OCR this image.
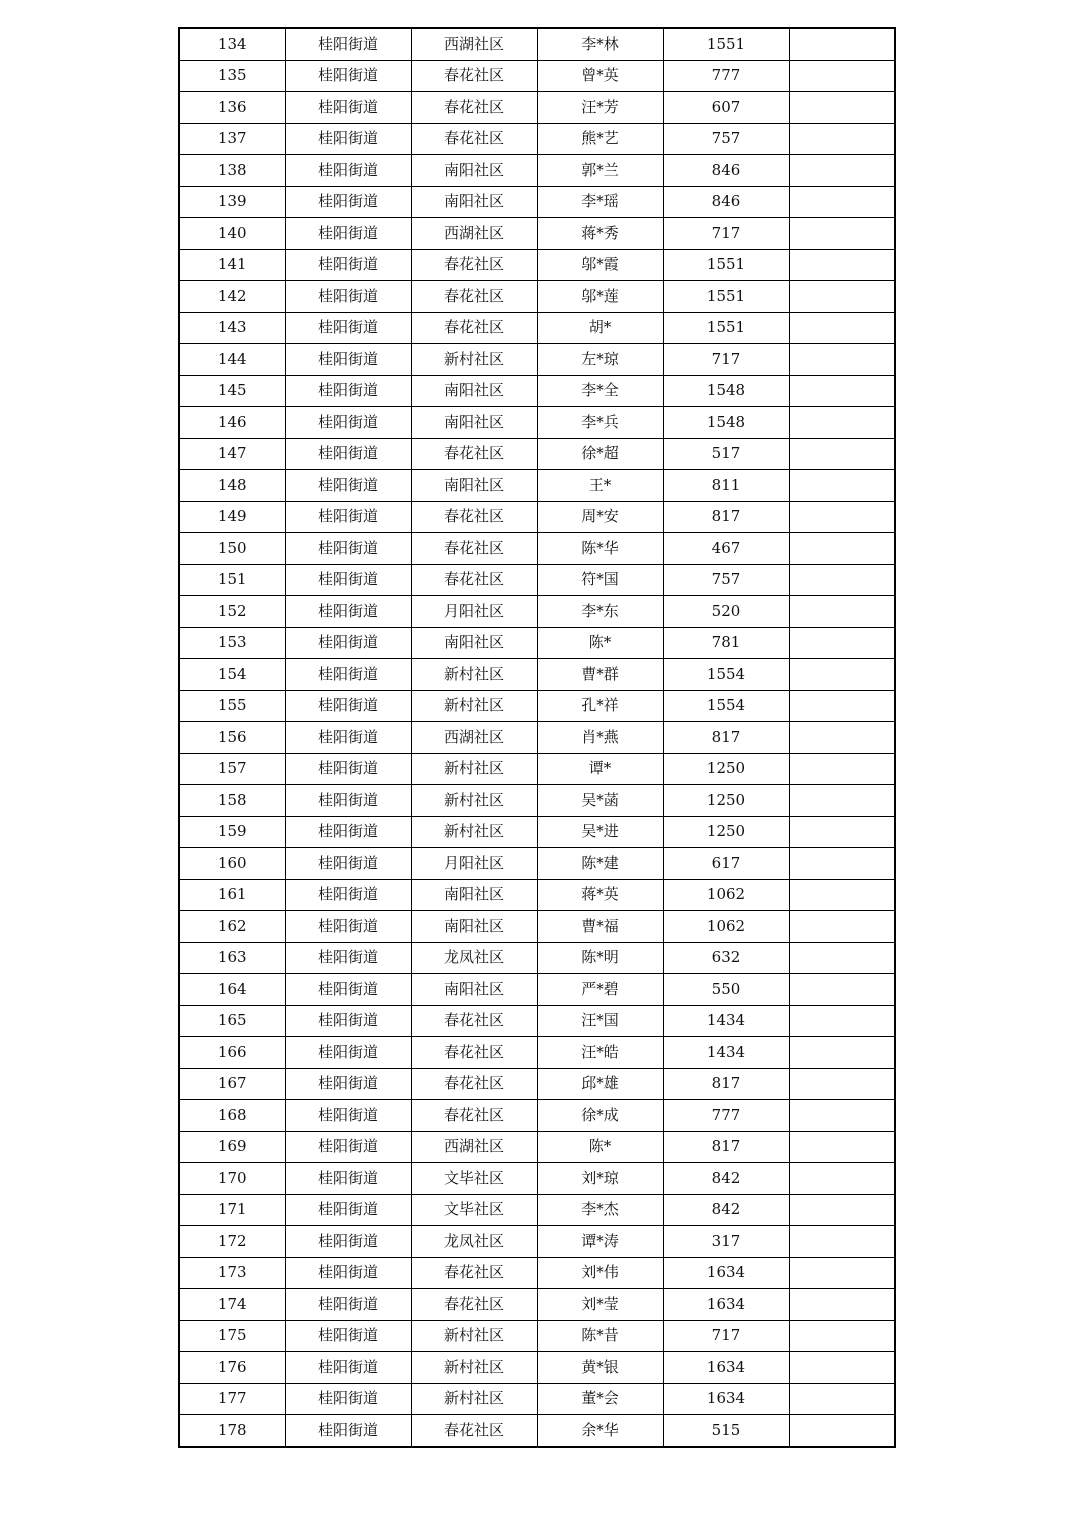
134	桂阳街道	西湖社区	李*林	1551	
135	桂阳街道	春花社区	曾*英	777	
136	桂阳街道	春花社区	汪*芳	607	
137	桂阳街道	春花社区	熊*艺	757	
138	桂阳街道	南阳社区	郭*兰	846	
139	桂阳街道	南阳社区	李*瑶	846	
140	桂阳街道	西湖社区	蒋*秀	717	
141	桂阳街道	春花社区	邬*霞	1551	
142	桂阳街道	春花社区	邬*莲	1551	
143	桂阳街道	春花社区	胡*	1551	
144	桂阳街道	新村社区	左*琼	717	
145	桂阳街道	南阳社区	李*全	1548	
146	桂阳街道	南阳社区	李*兵	1548	
147	桂阳街道	春花社区	徐*超	517	
148	桂阳街道	南阳社区	王*	811	
149	桂阳街道	春花社区	周*安	817	
150	桂阳街道	春花社区	陈*华	467	
151	桂阳街道	春花社区	符*国	757	
152	桂阳街道	月阳社区	李*东	520	
153	桂阳街道	南阳社区	陈*	781	
154	桂阳街道	新村社区	曹*群	1554	
155	桂阳街道	新村社区	孔*祥	1554	
156	桂阳街道	西湖社区	肖*燕	817	
157	桂阳街道	新村社区	谭*	1250	
158	桂阳街道	新村社区	吴*菡	1250	
159	桂阳街道	新村社区	吴*进	1250	
160	桂阳街道	月阳社区	陈*建	617	
161	桂阳街道	南阳社区	蒋*英	1062	
162	桂阳街道	南阳社区	曹*福	1062	
163	桂阳街道	龙凤社区	陈*明	632	
164	桂阳街道	南阳社区	严*碧	550	
165	桂阳街道	春花社区	汪*国	1434	
166	桂阳街道	春花社区	汪*皓	1434	
167	桂阳街道	春花社区	邱*雄	817	
168	桂阳街道	春花社区	徐*成	777	
169	桂阳街道	西湖社区	陈*	817	
170	桂阳街道	文毕社区	刘*琼	842	
171	桂阳街道	文毕社区	李*杰	842	
172	桂阳街道	龙凤社区	谭*涛	317	
173	桂阳街道	春花社区	刘*伟	1634	
174	桂阳街道	春花社区	刘*莹	1634	
175	桂阳街道	新村社区	陈*昔	717	
176	桂阳街道	新村社区	黄*银	1634	
177	桂阳街道	新村社区	董*会	1634	
178	桂阳街道	春花社区	余*华	515	
